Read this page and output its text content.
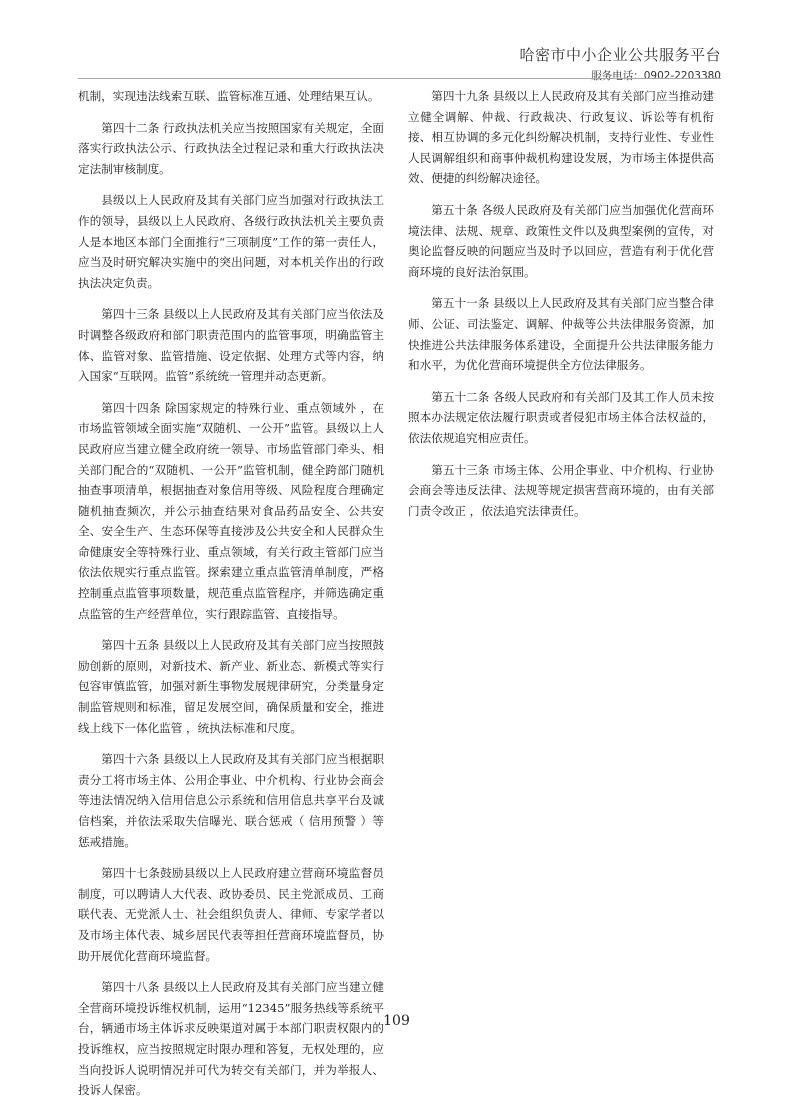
哈密市中小企业公共服务平台
服务电话：0902-2203380

机制，实现违法线索互联、监管标准互通、处理结果互认。

第四十二条 行政执法机关应当按照国家有关规定，全面落实行政执法公示、行政执法全过程记录和重大行政执法决定法制审核制度。

县级以上人民政府及其有关部门应当加强对行政执法工作的领导，县级以上人民政府、各级行政执法机关主要负责人是本地区本部门全面推行“三项制度”工作的第一责任人，应当及时研究解决实施中的突出问题，对本机关作出的行政执法决定负责。

第四十三条 县级以上人民政府及其有关部门应当依法及时调整各级政府和部门职责范围内的监管事项，明确监管主体、监管对象、监管措施、设定依据、处理方式等内容，纳入国家“互联网。监管”系统统一管理并动态更新。

第四十四条 除国家规定的特殊行业、重点领域外 ，在市场监管领域全面实施“双随机、一公开”监管。县级以上人民政府应当建立健全政府统一领导、市场监管部门牵头、相关部门配合的“双随机、一公开”监管机制，健全跨部门随机抽查事项清单，根据抽查对象信用等级、风险程度合理确定随机抽查频次，并公示抽查结果对食品药品安全、公共安全、安全生产、生态环保等直接涉及公共安全和人民群众生命健康安全等特殊行业、重点领域，有关行政主管部门应当依法依规实行重点监管。探索建立重点监管清单制度，严格控制重点监管事项数量，规范重点监管程序，并筛选确定重点监管的生产经营单位，实行跟踪监管、直接指导。

第四十五条 县级以上人民政府及其有关部门应当按照鼓励创新的原则，对新技术、新产业、新业态、新模式等实行包容审慎监管，加强对新生事物发展规律研究，分类量身定制监管规则和标准，留足发展空间，确保质量和安全，推进线上线下一体化监管 ，统执法标准和尺度。

第四十六条 县级以上人民政府及其有关部门应当根据职责分工将市场主体、公用企事业、中介机构、行业协会商会等违法情况纳入信用信息公示系统和信用信息共享平台及诚信档案，并依法采取失信曝光、联合惩戒（ 信用预警 ）等惩戒措施。

第四十七条鼓励县级以上人民政府建立营商环境监督员制度，可以聘请人大代表、政协委员、民主党派成员、工商联代表、无党派人士、社会组织负责人、律师、专家学者以及市场主体代表、城乡居民代表等担任营商环境监督员，协助开展优化营商环境监督。

第四十八条 县级以上人民政府及其有关部门应当建立健全营商环境投诉维权机制，运用“12345”服务热线等系统平台，辆通市场主体诉求反映渠道对属于本部门职责权限内的投诉维权，应当按照规定时限办理和答复，无权处理的，应当向投诉人说明情况并可代为转交有关部门，并为举报人、投诉人保密。

第四十九条 县级以上人民政府及其有关部门应当推动建立健全调解、仲裁、行政裁决、行政复议、诉讼等有机衔接、相互协调的多元化纠纷解决机制，支持行业性、专业性人民调解组织和商事仲裁机构建设发展，为市场主体提供高效、便捷的纠纷解决途径。

第五十条 各级人民政府及有关部门应当加强优化营商环境法律、法规、规章、政策性文件以及典型案例的宣传，对奥论监督反映的问题应当及时予以回应，营造有利于优化营商环境的良好法治氛围。

第五十一条 县级以上人民政府及其有关部门应当整合律师、公证、司法鉴定、调解、仲裁等公共法律服务资源，加快推进公共法律服务体系建设，全面提升公共法律服务能力和水平，为优化营商环境提供全方位法律服务。

第五十二条 各级人民政府和有关部门及其工作人员未按照本办法规定依法履行职责或者侵犯市场主体合法权益的，依法依规追究相应责任。

第五十三条 市场主体、公用企事业、中介机构、行业协会商会等违反法律、法规等规定损害营商环境的，由有关部门责令改正 ，依法追究法律责任。

109
